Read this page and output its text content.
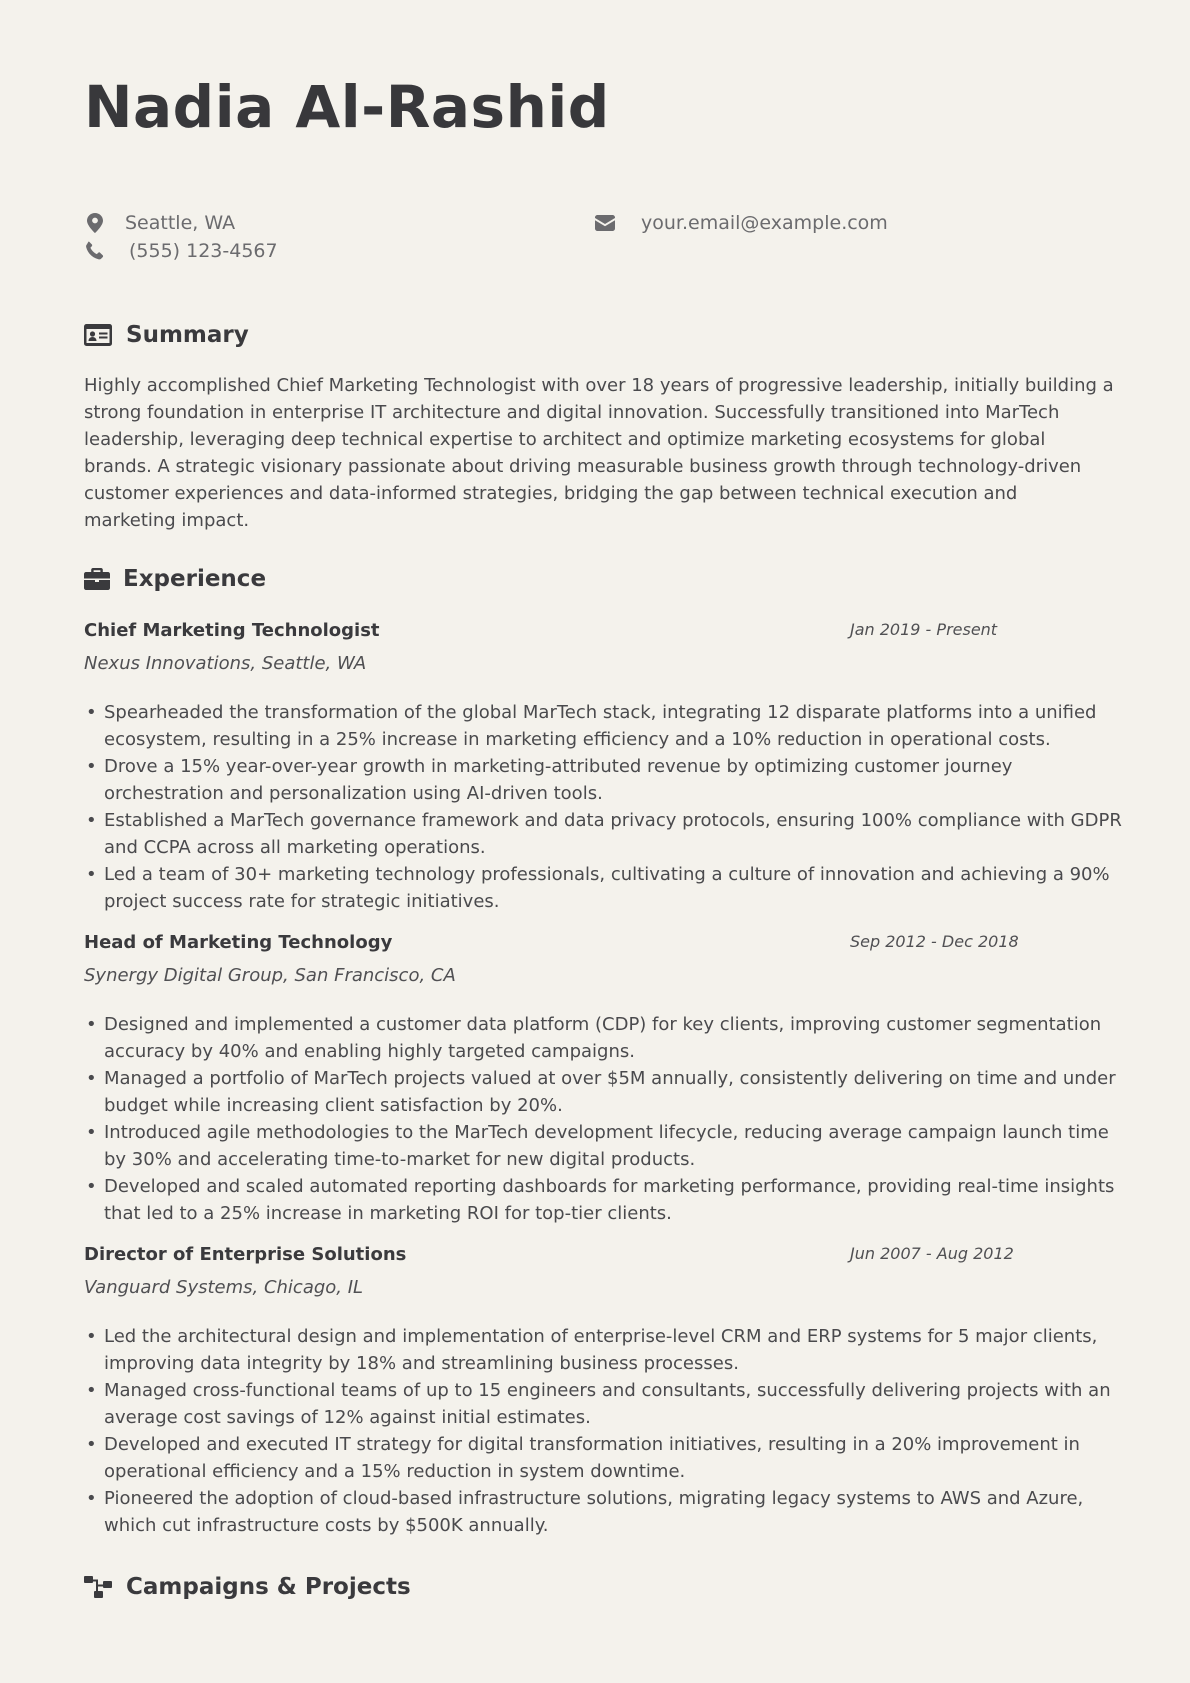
Nadia Al-Rashid
Seattle, WA
(555) 123-4567
your.email@example.com
Summary

Highly accomplished Chief Marketing Technologist with over 18 years of progressive leadership, initially building a strong foundation in enterprise IT architecture and digital innovation. Successfully transitioned into MarTech leadership, leveraging deep technical expertise to architect and optimize marketing ecosystems for global brands. A strategic visionary passionate about driving measurable business growth through technology-driven customer experiences and data-informed strategies, bridging the gap between technical execution and marketing impact.

Experience
Chief Marketing Technologist	Jan 2019 - Present
Nexus Innovations, Seattle, WA
• Spearheaded the transformation of the global MarTech stack, integrating 12 disparate platforms into a unified ecosystem, resulting in a 25% increase in marketing efficiency and a 10% reduction in operational costs.
• Drove a 15% year-over-year growth in marketing-attributed revenue by optimizing customer journey orchestration and personalization using AI-driven tools.
• Established a MarTech governance framework and data privacy protocols, ensuring 100% compliance with GDPR and CCPA across all marketing operations.
• Led a team of 30+ marketing technology professionals, cultivating a culture of innovation and achieving a 90% project success rate for strategic initiatives.
Head of Marketing Technology	Sep 2012 - Dec 2018
Synergy Digital Group, San Francisco, CA
• Designed and implemented a customer data platform (CDP) for key clients, improving customer segmentation accuracy by 40% and enabling highly targeted campaigns.
• Managed a portfolio of MarTech projects valued at over $5M annually, consistently delivering on time and under budget while increasing client satisfaction by 20%.
• Introduced agile methodologies to the MarTech development lifecycle, reducing average campaign launch time by 30% and accelerating time-to-market for new digital products.
• Developed and scaled automated reporting dashboards for marketing performance, providing real-time insights that led to a 25% increase in marketing ROI for top-tier clients.
Director of Enterprise Solutions	Jun 2007 - Aug 2012
Vanguard Systems, Chicago, IL
• Led the architectural design and implementation of enterprise-level CRM and ERP systems for 5 major clients, improving data integrity by 18% and streamlining business processes.
• Managed cross-functional teams of up to 15 engineers and consultants, successfully delivering projects with an average cost savings of 12% against initial estimates.
• Developed and executed IT strategy for digital transformation initiatives, resulting in a 20% improvement in operational efficiency and a 15% reduction in system downtime.
• Pioneered the adoption of cloud-based infrastructure solutions, migrating legacy systems to AWS and Azure, which cut infrastructure costs by $500K annually.
Campaigns & Projects
